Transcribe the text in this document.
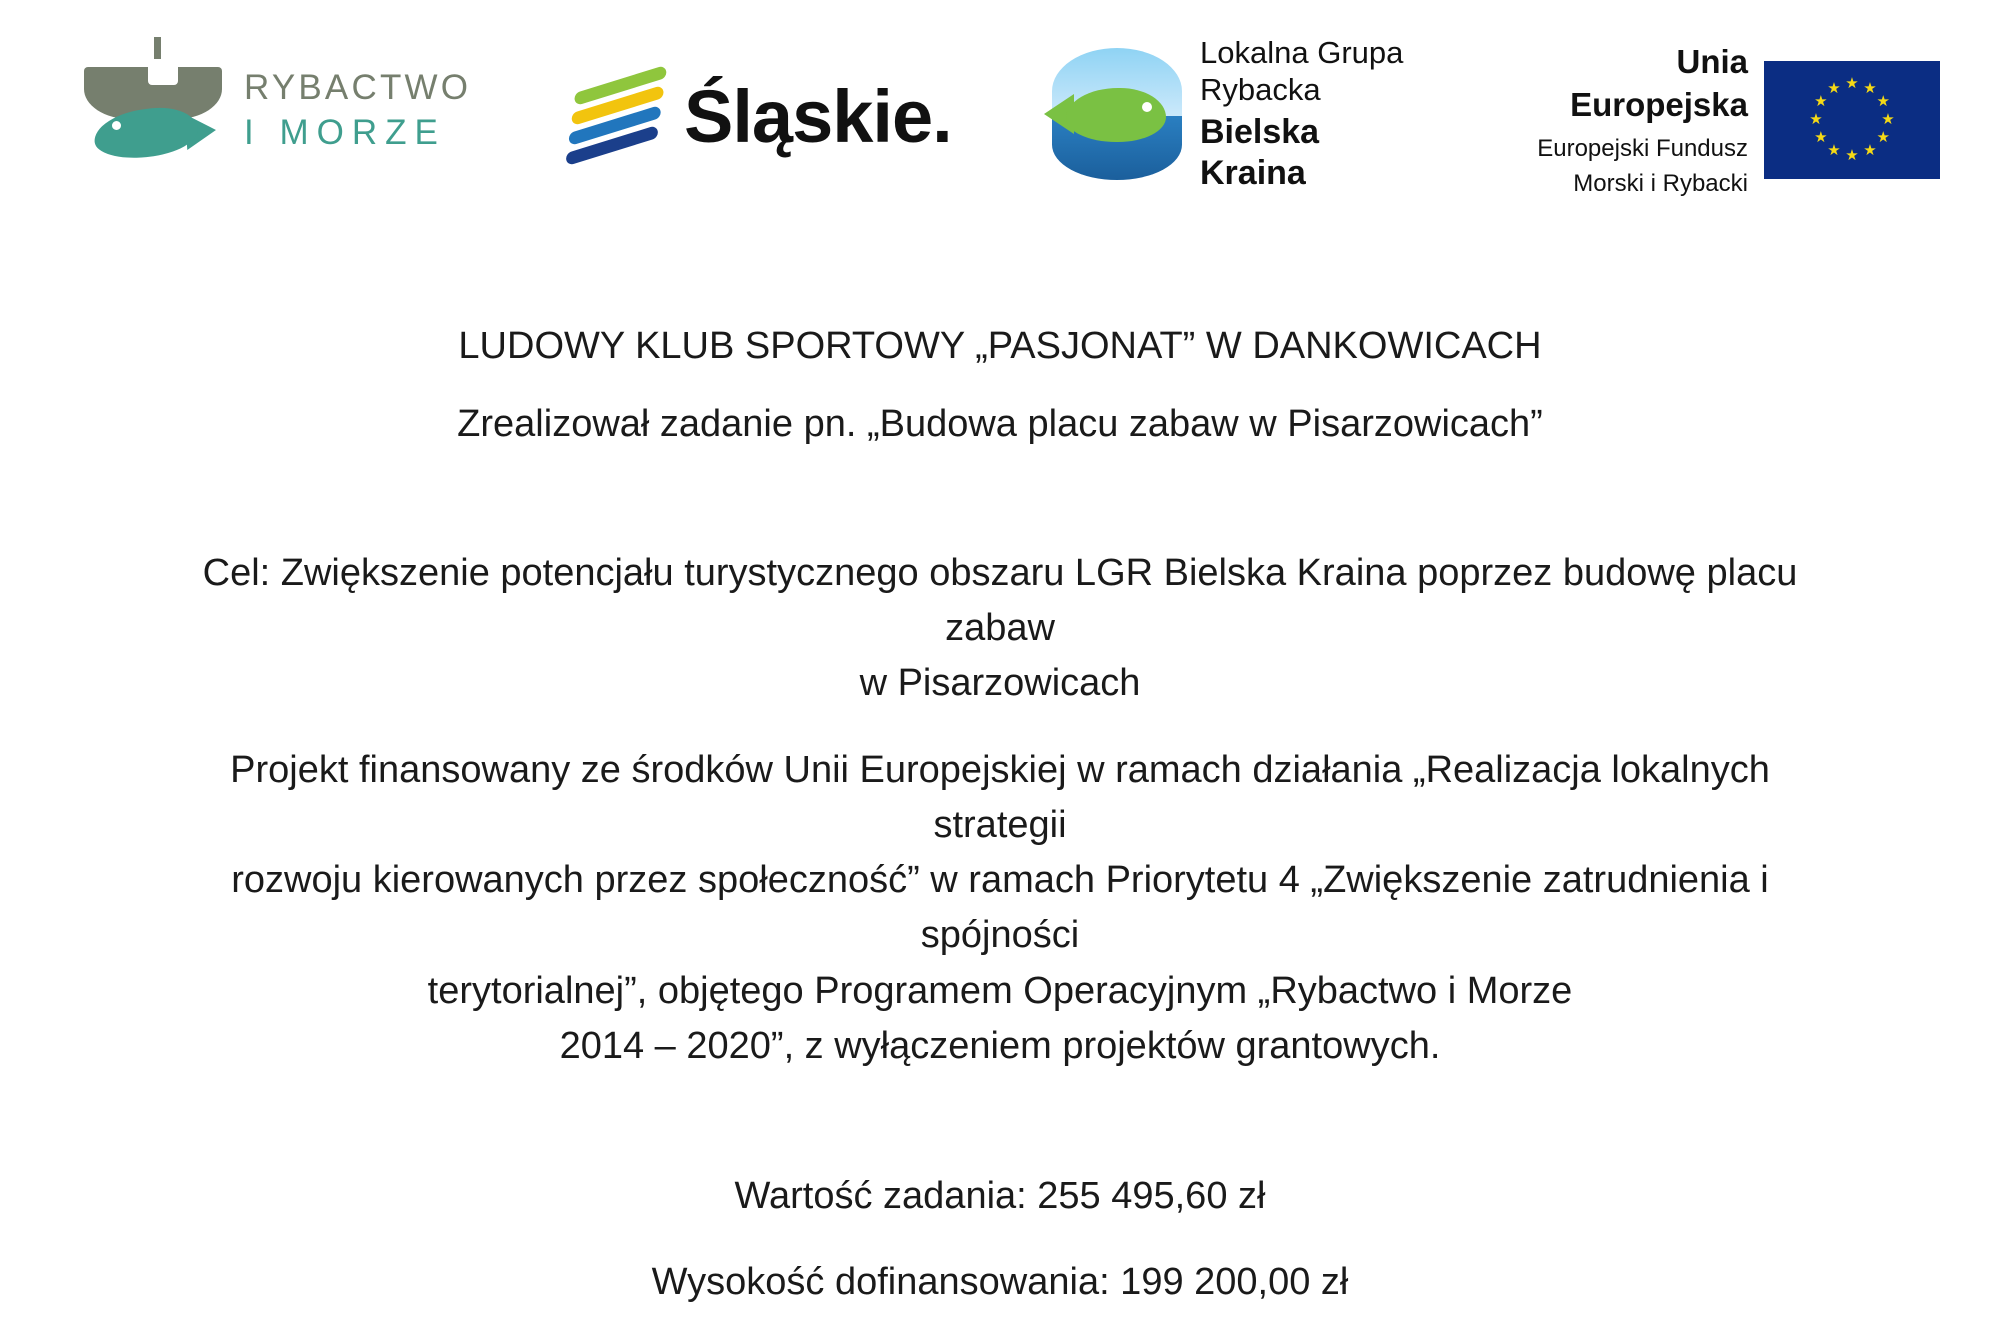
RYBACTWO
I MORZE	Śląskie.
Lokalna Grupa
Rybacka
Bielska Kraina
Unia Europejska
Europejski Fundusz
Morski i Rybacki
★ ★
★
★
★
★
★
★
★
★
★
★
LUDOWY KLUB SPORTOWY „PASJONAT” W DANKOWICACH
Zrealizował zadanie pn. „Budowa placu zabaw w Pisarzowicach”
Cel: Zwiększenie potencjału turystycznego obszaru LGR Bielska Kraina poprzez budowę placu zabaw
w Pisarzowicach
Projekt finansowany ze środków Unii Europejskiej w ramach działania „Realizacja lokalnych strategii
rozwoju kierowanych przez społeczność” w ramach Priorytetu 4 „Zwiększenie zatrudnienia i spójności
terytorialnej”, objętego Programem Operacyjnym „Rybactwo i Morze
2014 – 2020”, z wyłączeniem projektów grantowych.
Wartość zadania: 255 495,60 zł
Wysokość dofinansowania: 199 200,00 zł
